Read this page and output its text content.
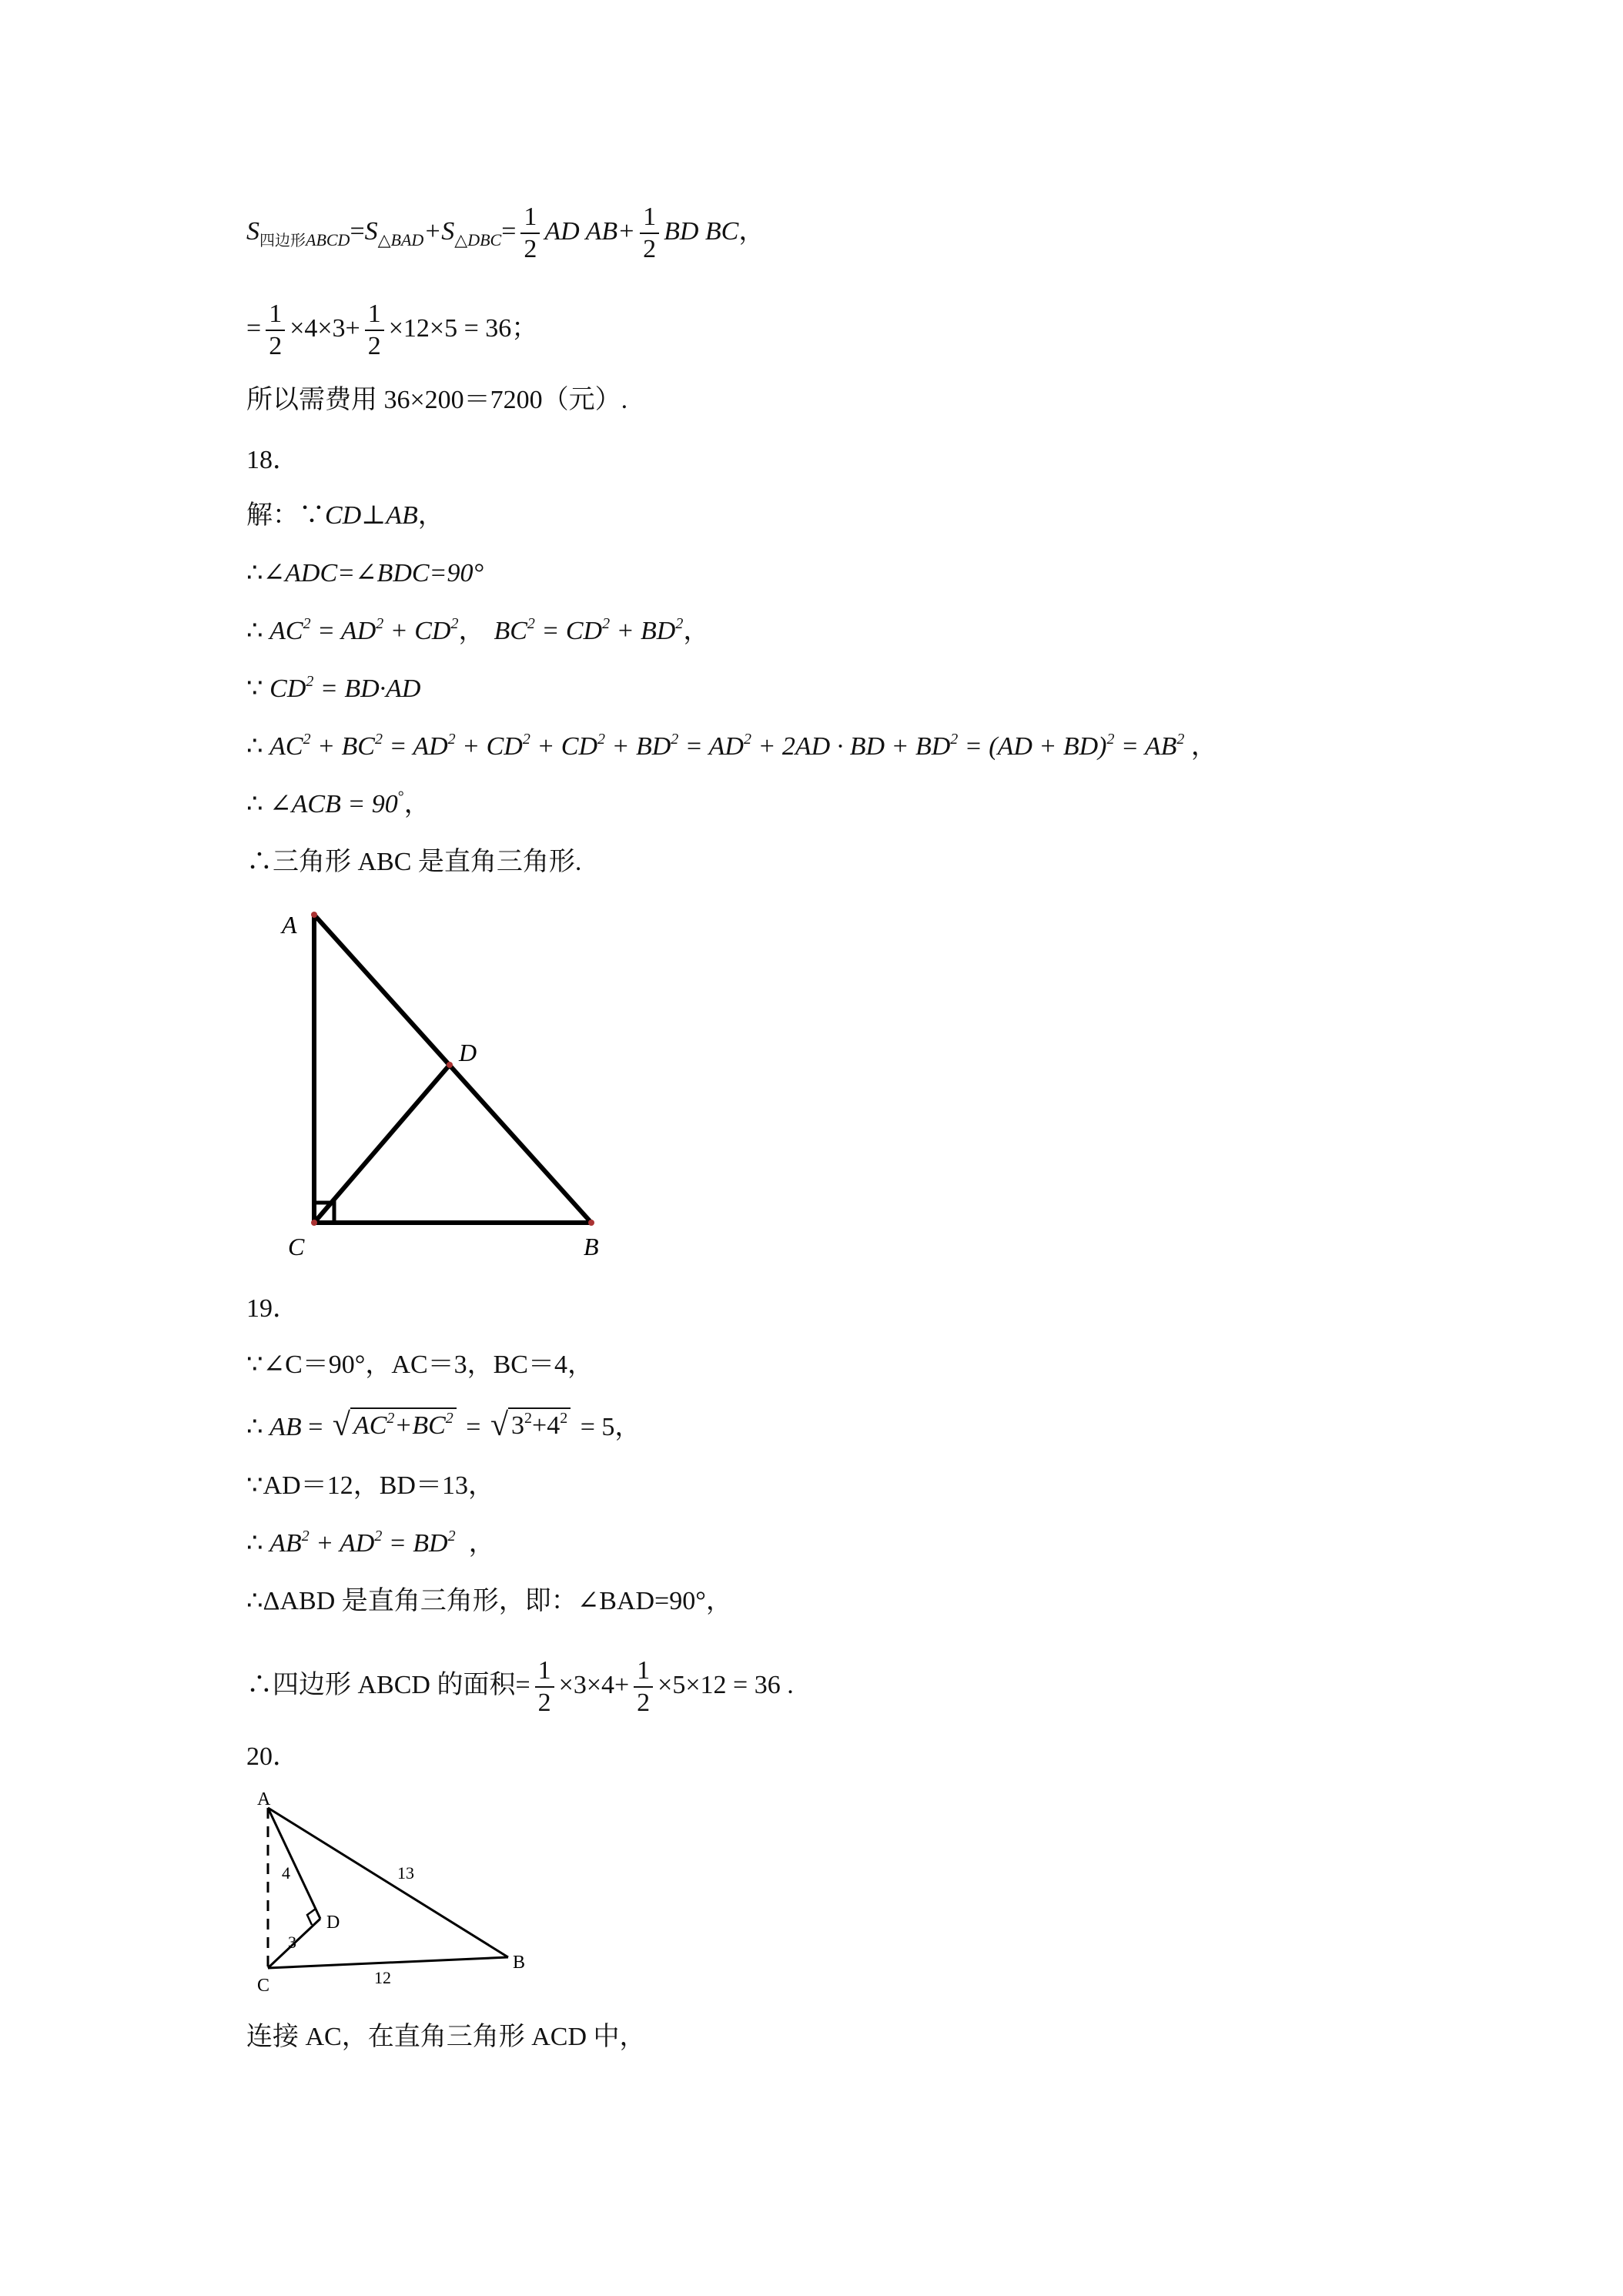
$S_{四边形ABCD}=S_{\triangle BAD}+S_{\triangle DBC}= \frac{1}{2}$ AD $AB+ \frac{1}{2}$ BD BC，
= $\frac{1}{2} \times 4\times 3+ \frac{1}{2} \times 12\times 5 = 36$；
所以需费用 36×200＝7200（元）.
18．
解：∵CD⊥AB，
∴∠ADC=∠BDC=90°
∴ $AC^2 = AD^2 + CD^2$， $BC^2 = CD^2 + BD^2$，
∵ $CD^2 = BD\cdot AD$
∴ $AC^2 + BC^2 = AD^2 + CD^2 + CD^2 + BD^2 = AD^2 + 2AD$ · BD + $BD^2 = (AD + BD)^2 = AB^2$ ，
∴ ∠ACB = 90°，
∴三角形 ABC 是直角三角形.
A
D
C	B
19．
∵∠C＝90°，AC＝3，BC＝4，
∴ AB = √ $AC^2+BC^2$ = √ $3^2+4^2 = 5$，
∵AD＝12，BD＝13，
∴ $AB^2 + AD^2 = BD^2$  ，
∴ΔABD 是直角三角形，即：∠BAD=90°，
∴四边形 ABCD 的面积= $\frac{1}{2} \times 3\times 4+ \frac{1}{2} \times 5\times 12 = 36$ .
20．
A
D
C
B
4
3
13
12
连接 AC，在直角三角形 ACD 中，
